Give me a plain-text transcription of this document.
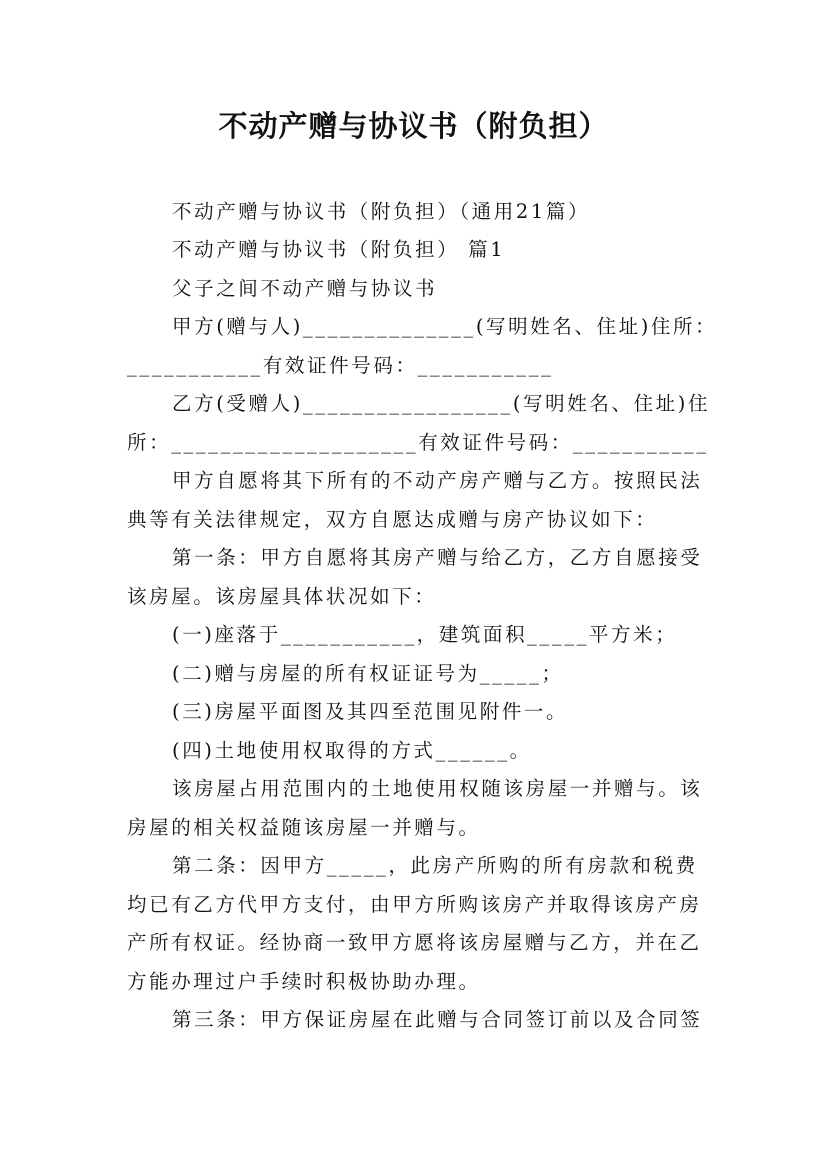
不动产赠与协议书（附负担）
不动产赠与协议书（附负担）（通用21篇）
不动产赠与协议书（附负担） 篇1
父子之间不动产赠与协议书
甲方(赠与人)______________(写明姓名、住址)住所：
___________有效证件号码：___________
乙方(受赠人)_________________(写明姓名、住址)住
所：____________________有效证件号码：___________
甲方自愿将其下所有的不动产房产赠与乙方。按照民法
典等有关法律规定，双方自愿达成赠与房产协议如下：
第一条：甲方自愿将其房产赠与给乙方，乙方自愿接受
该房屋。该房屋具体状况如下：
(一)座落于___________，建筑面积_____平方米；
(二)赠与房屋的所有权证证号为_____；
(三)房屋平面图及其四至范围见附件一。
(四)土地使用权取得的方式______。
该房屋占用范围内的土地使用权随该房屋一并赠与。该
房屋的相关权益随该房屋一并赠与。
第二条：因甲方_____，此房产所购的所有房款和税费
均已有乙方代甲方支付，由甲方所购该房产并取得该房产房
产所有权证。经协商一致甲方愿将该房屋赠与乙方，并在乙
方能办理过户手续时积极协助办理。
第三条：甲方保证房屋在此赠与合同签订前以及合同签
